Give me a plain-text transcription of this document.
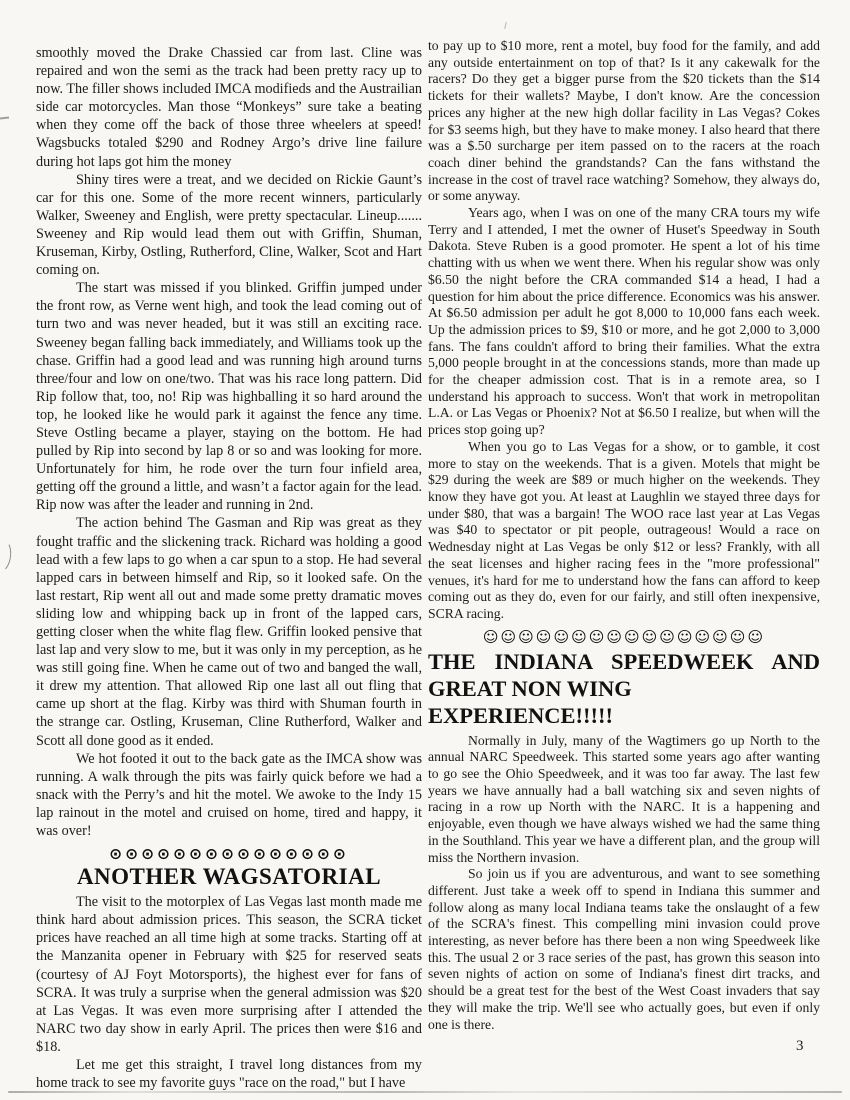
smoothly moved the Drake Chassied car from last. Cline was repaired and won the semi as the track had been pretty racy up to now. The filler shows included IMCA modifieds and the Austrailian side car motorcycles. Man those “Monkeys” sure take a beating when they come off the back of those three wheelers at speed! Wagsbucks totaled $290 and Rodney Argo’s drive line failure during hot laps got him the money

Shiny tires were a treat, and we decided on Rickie Gaunt’s car for this one. Some of the more recent winners, particularly Walker, Sweeney and English, were pretty spectacular. Lineup....... Sweeney and Rip would lead them out with Griffin, Shuman, Kruseman, Kirby, Ostling, Rutherford, Cline, Walker, Scot and Hart coming on.

The start was missed if you blinked. Griffin jumped under the front row, as Verne went high, and took the lead coming out of turn two and was never headed, but it was still an exciting race. Sweeney began falling back immediately, and Williams took up the chase. Griffin had a good lead and was running high around turns three/four and low on one/two. That was his race long pattern. Did Rip follow that, too, no! Rip was highballing it so hard around the top, he looked like he would park it against the fence any time. Steve Ostling became a player, staying on the bottom. He had pulled by Rip into second by lap 8 or so and was looking for more. Unfortunately for him, he rode over the turn four infield area, getting off the ground a little, and wasn’t a factor again for the lead. Rip now was after the leader and running in 2nd.

The action behind The Gasman and Rip was great as they fought traffic and the slickening track. Richard was holding a good lead with a few laps to go when a car spun to a stop. He had several lapped cars in between himself and Rip, so it looked safe. On the last restart, Rip went all out and made some pretty dramatic moves sliding low and whipping back up in front of the lapped cars, getting closer when the white flag flew. Griffin looked pensive that last lap and very slow to me, but it was only in my perception, as he was still going fine. When he came out of two and banged the wall, it drew my attention. That allowed Rip one last all out fling that came up short at the flag. Kirby was third with Shuman fourth in the strange car. Ostling, Kruseman, Cline Rutherford, Walker and Scott all done good as it ended.

We hot footed it out to the back gate as the IMCA show was running. A walk through the pits was fairly quick before we had a snack with the Perry’s and hit the motel. We awoke to the Indy 15 lap rainout in the motel and cruised on home, tired and happy, it was over!

⊙⊙⊙⊙⊙⊙⊙⊙⊙⊙⊙⊙⊙⊙⊙
ANOTHER WAGSATORIAL

The visit to the motorplex of Las Vegas last month made me think hard about admission prices. This season, the SCRA ticket prices have reached an all time high at some tracks. Starting off at the Manzanita opener in February with $25 for reserved seats (courtesy of AJ Foyt Motorsports), the highest ever for fans of SCRA. It was truly a surprise when the general admission was $20 at Las Vegas. It was even more surprising after I attended the NARC two day show in early April. The prices then were $16 and $18.

Let me get this straight, I travel long distances from my home track to see my favorite guys "race on the road," but I have

to pay up to $10 more, rent a motel, buy food for the family, and add any outside entertainment on top of that? Is it any cakewalk for the racers? Do they get a bigger purse from the $20 tickets than the $14 tickets for their wallets? Maybe, I don't know. Are the concession prices any higher at the new high dollar facility in Las Vegas? Cokes for $3 seems high, but they have to make money. I also heard that there was a $.50 surcharge per item passed on to the racers at the roach coach diner behind the grandstands? Can the fans withstand the increase in the cost of travel race watching? Somehow, they always do, or some anyway.

Years ago, when I was on one of the many CRA tours my wife Terry and I attended, I met the owner of Huset's Speedway in South Dakota. Steve Ruben is a good promoter. He spent a lot of his time chatting with us when we went there. When his regular show was only $6.50 the night before the CRA commanded $14 a head, I had a question for him about the price difference. Economics was his answer. At $6.50 admission per adult he got 8,000 to 10,000 fans each week. Up the admission prices to $9, $10 or more, and he got 2,000 to 3,000 fans. The fans couldn't afford to bring their families. What the extra 5,000 people brought in at the concessions stands, more than made up for the cheaper admission cost. That is in a remote area, so I understand his approach to success. Won't that work in metropolitan L.A. or Las Vegas or Phoenix? Not at $6.50 I realize, but when will the prices stop going up?

When you go to Las Vegas for a show, or to gamble, it cost more to stay on the weekends. That is a given. Motels that might be $29 during the week are $89 or much higher on the weekends. They know they have got you. At least at Laughlin we stayed three days for under $80, that was a bargain! The WOO race last year at Las Vegas was $40 to spectator or pit people, outrageous! Would a race on Wednesday night at Las Vegas be only $12 or less? Frankly, with all the seat licenses and higher racing fees in the "more professional" venues, it's hard for me to understand how the fans can afford to keep coming out as they do, even for our fairly, and still often inexpensive, SCRA racing.

☺☺☺☺☺☺☺☺☺☺☺☺☺☺☺☺
THE INDIANA SPEEDWEEK AND
GREAT NON WING EXPERIENCE!!!!!

Normally in July, many of the Wagtimers go up North to the annual NARC Speedweek. This started some years ago after wanting to go see the Ohio Speedweek, and it was too far away. The last few years we have annually had a ball watching six and seven nights of racing in a row up North with the NARC. It is a happening and enjoyable, even though we have always wished we had the same thing in the Southland. This year we have a different plan, and the group will miss the Northern invasion.

So join us if you are adventurous, and want to see something different. Just take a week off to spend in Indiana this summer and follow along as many local Indiana teams take the onslaught of a few of the SCRA's finest. This compelling mini invasion could prove interesting, as never before has there been a non wing Speedweek like this. The usual 2 or 3 race series of the past, has grown this season into seven nights of action on some of Indiana's finest dirt tracks, and should be a great test for the best of the West Coast invaders that say they will make the trip. We'll see who actually goes, but even if only one is there.

3
